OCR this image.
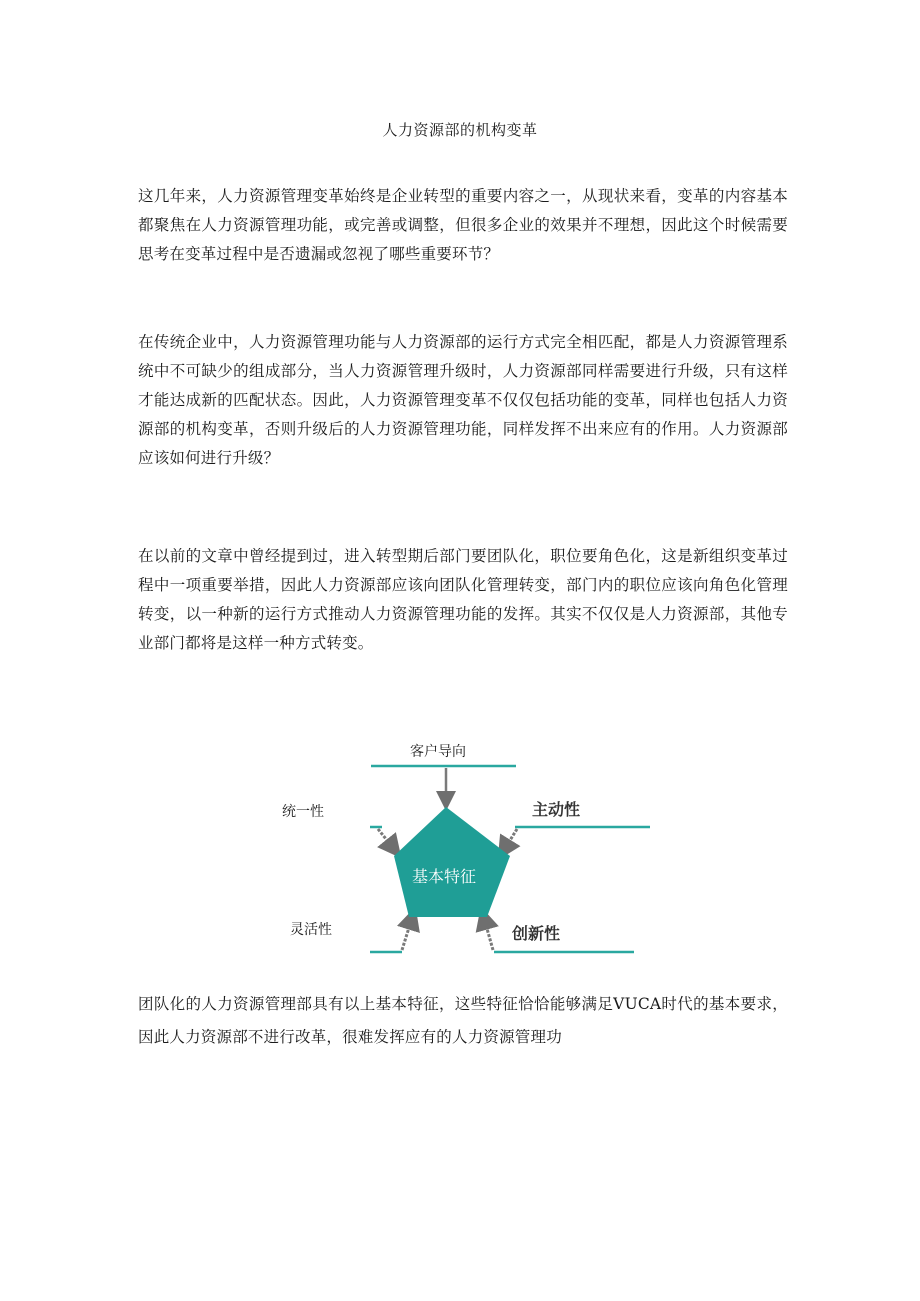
人力资源部的机构变革

这几年来，人力资源管理变革始终是企业转型的重要内容之一，从现状来看，变革的内容基本都聚焦在人力资源管理功能，或完善或调整，但很多企业的效果并不理想，因此这个时候需要思考在变革过程中是否遗漏或忽视了哪些重要环节？

在传统企业中，人力资源管理功能与人力资源部的运行方式完全相匹配，都是人力资源管理系统中不可缺少的组成部分，当人力资源管理升级时，人力资源部同样需要进行升级，只有这样才能达成新的匹配状态。因此，人力资源管理变革不仅仅包括功能的变革，同样也包括人力资源部的机构变革，否则升级后的人力资源管理功能，同样发挥不出来应有的作用。人力资源部应该如何进行升级？

在以前的文章中曾经提到过，进入转型期后部门要团队化，职位要角色化，这是新组织变革过程中一项重要举措，因此人力资源部应该向团队化管理转变，部门内的职位应该向角色化管理转变，以一种新的运行方式推动人力资源管理功能的发挥。其实不仅仅是人力资源部，其他专业部门都将是这样一种方式转变。

客户导向
统一性	主动性
灵活性	创新性
基本特征

团队化的人力资源管理部具有以上基本特征，这些特征恰恰能够满足VUCA时代的基本要求，因此人力资源部不进行改革，很难发挥应有的人力资源管理功
